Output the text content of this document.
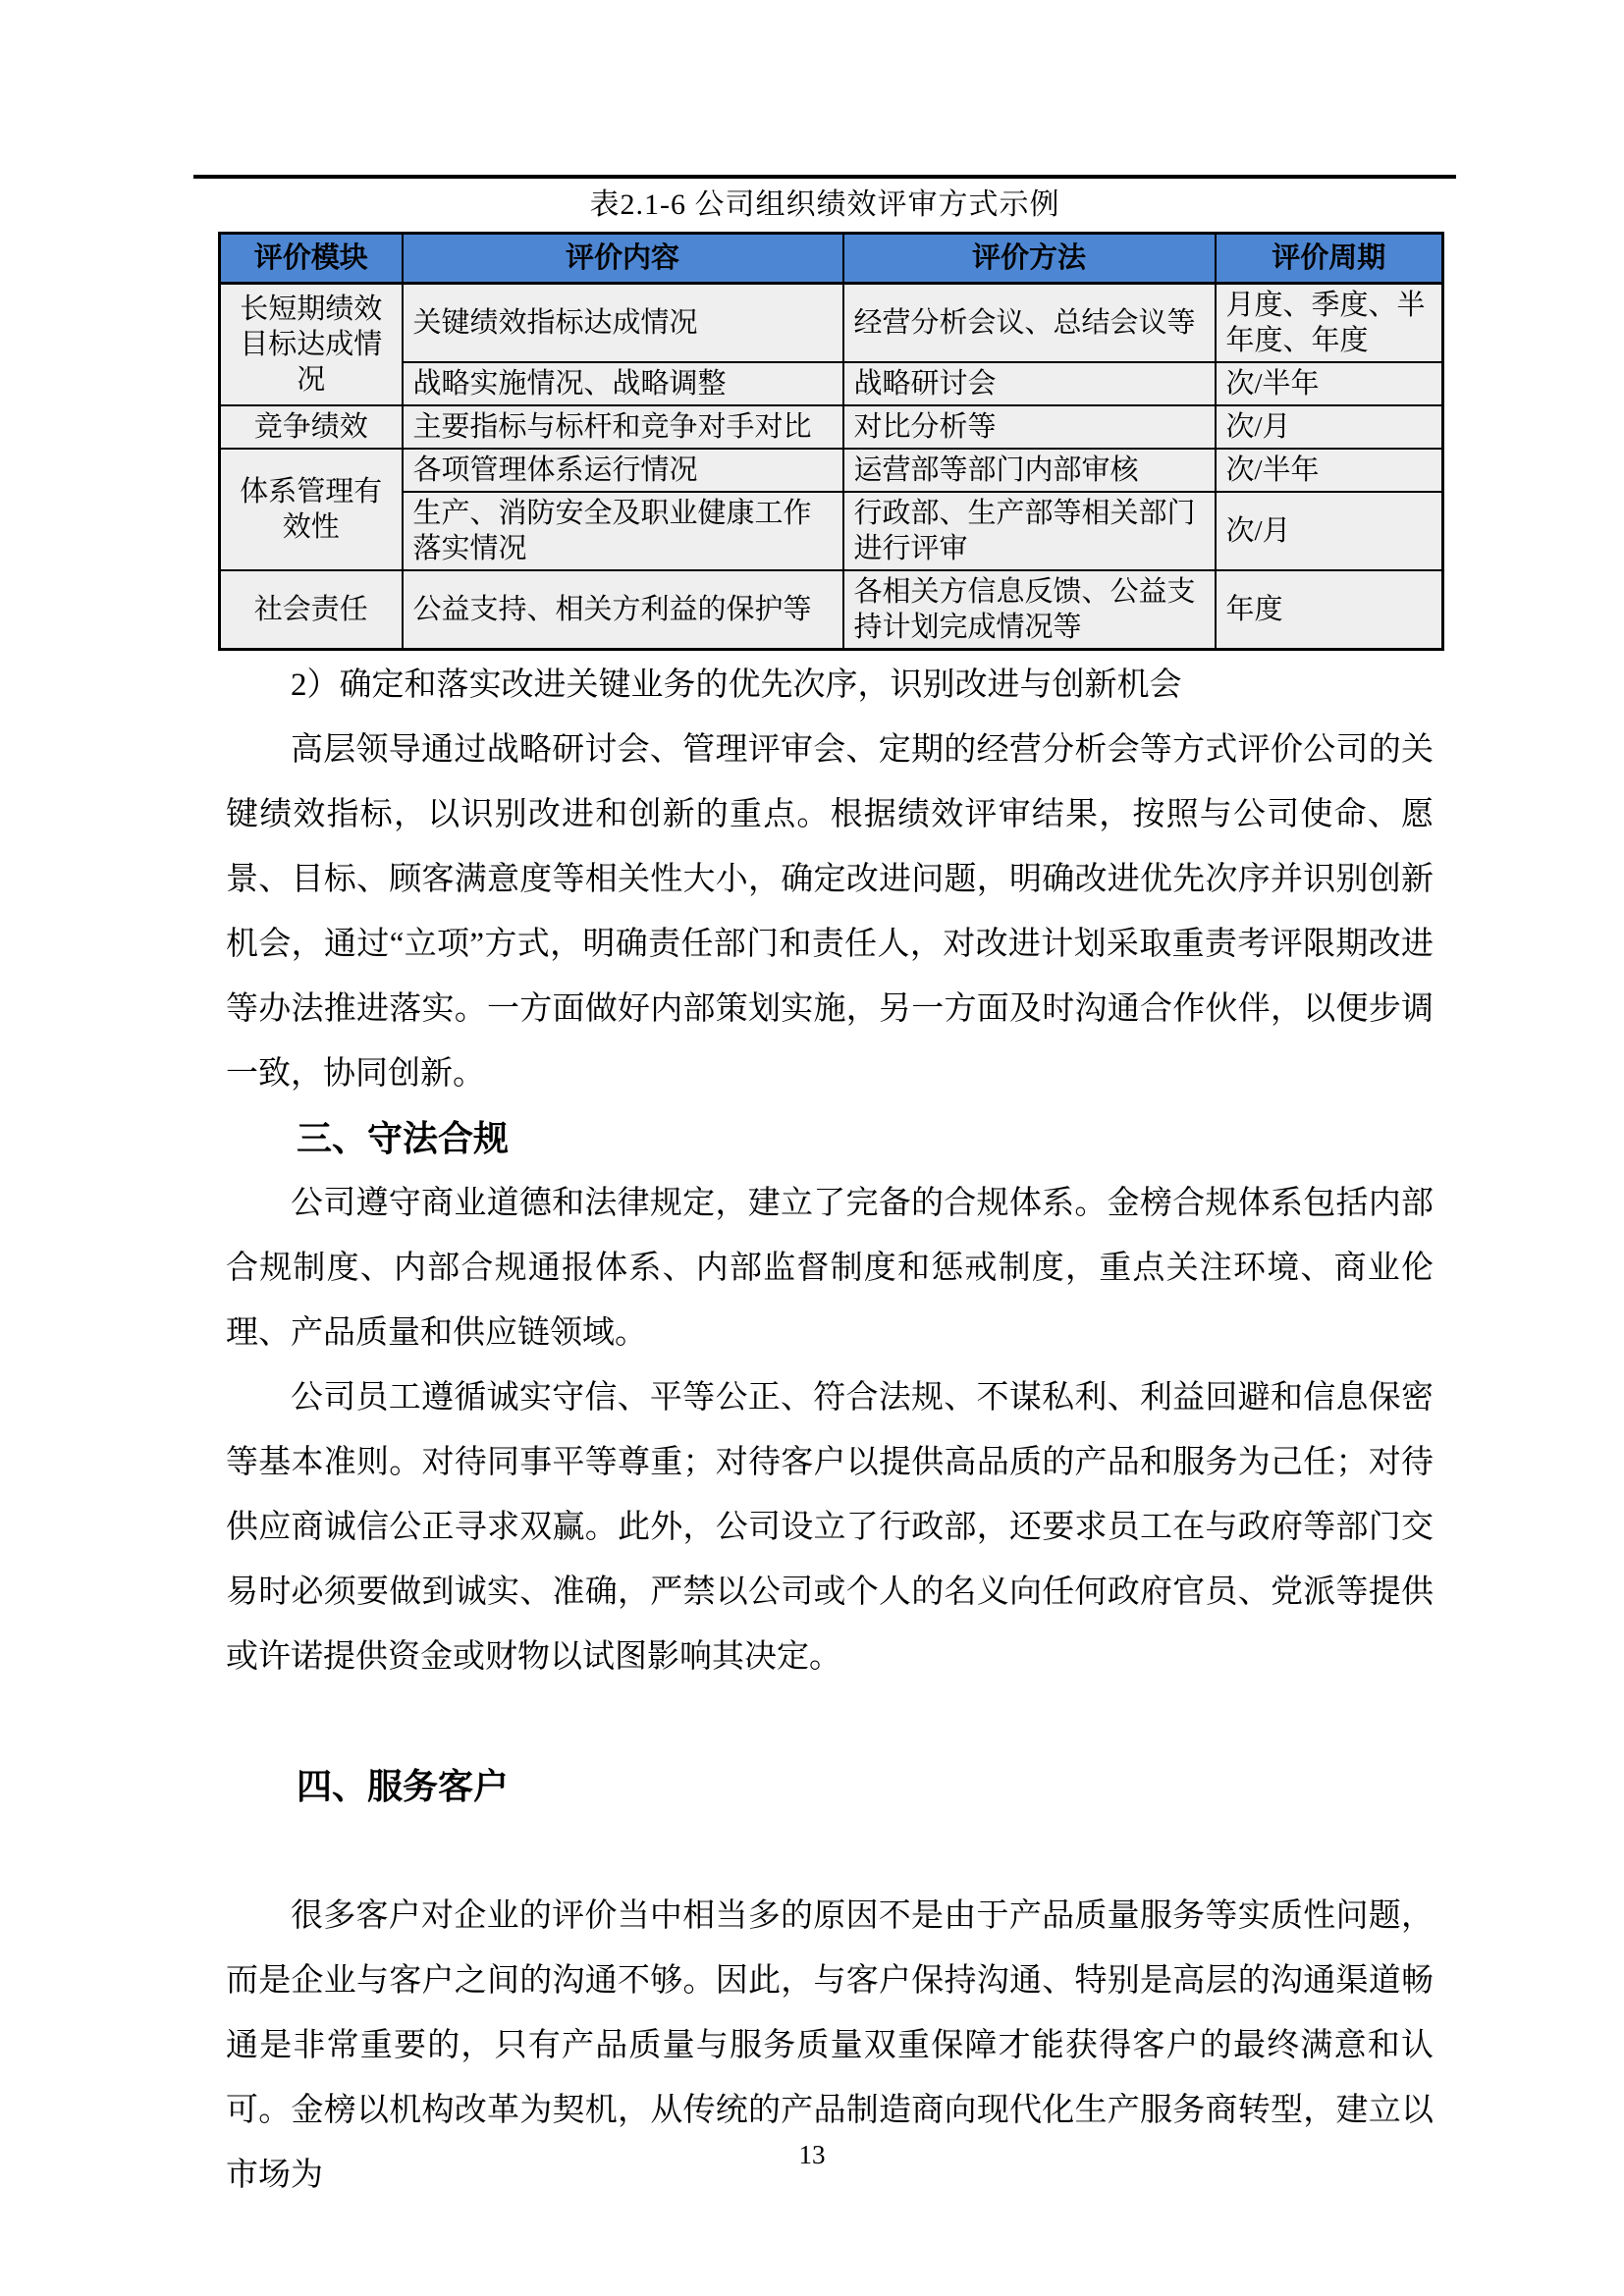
表2.1-6 公司组织绩效评审方式示例
评价模块	评价内容	评价方法	评价周期
长短期绩效目标达成情况	关键绩效指标达成情况	经营分析会议、总结会议等	月度、季度、半年度、年度
	战略实施情况、战略调整	战略研讨会	次/半年
竞争绩效	主要指标与标杆和竞争对手对比	对比分析等	次/月
体系管理有效性	各项管理体系运行情况	运营部等部门内部审核	次/半年
	生产、消防安全及职业健康工作落实情况	行政部、生产部等相关部门进行评审	次/月
社会责任	公益支持、相关方利益的保护等	各相关方信息反馈、公益支持计划完成情况等	年度

2）确定和落实改进关键业务的优先次序，识别改进与创新机会

高层领导通过战略研讨会、管理评审会、定期的经营分析会等方式评价公司的关键绩效指标，以识别改进和创新的重点。根据绩效评审结果，按照与公司使命、愿景、目标、顾客满意度等相关性大小，确定改进问题，明确改进优先次序并识别创新机会，通过“立项”方式，明确责任部门和责任人，对改进计划采取重责考评限期改进等办法推进落实。一方面做好内部策划实施，另一方面及时沟通合作伙伴，以便步调一致，协同创新。

三、守法合规

公司遵守商业道德和法律规定，建立了完备的合规体系。金榜合规体系包括内部合规制度、内部合规通报体系、内部监督制度和惩戒制度，重点关注环境、商业伦理、产品质量和供应链领域。

公司员工遵循诚实守信、平等公正、符合法规、不谋私利、利益回避和信息保密等基本准则。对待同事平等尊重；对待客户以提供高品质的产品和服务为己任；对待供应商诚信公正寻求双赢。此外，公司设立了行政部，还要求员工在与政府等部门交易时必须要做到诚实、准确，严禁以公司或个人的名义向任何政府官员、党派等提供或许诺提供资金或财物以试图影响其决定。

四、服务客户

很多客户对企业的评价当中相当多的原因不是由于产品质量服务等实质性问题，而是企业与客户之间的沟通不够。因此，与客户保持沟通、特别是高层的沟通渠道畅通是非常重要的，只有产品质量与服务质量双重保障才能获得客户的最终满意和认可。金榜以机构改革为契机，从传统的产品制造商向现代化生产服务商转型，建立以市场为

13
